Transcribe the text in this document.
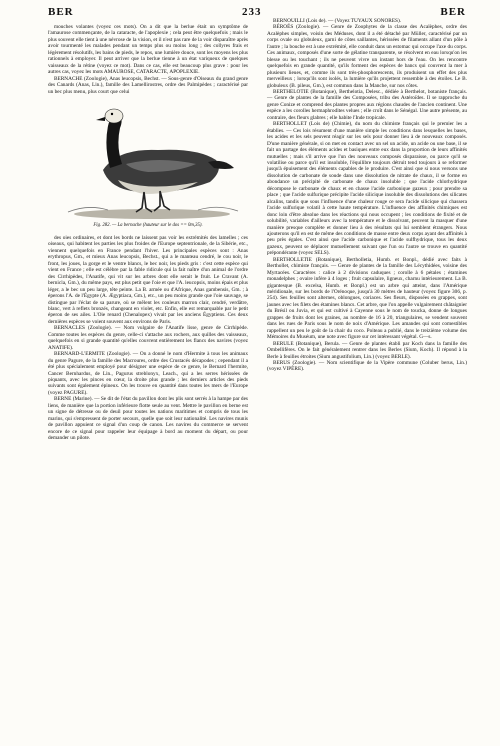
BER	233	BER

mouches volantes (voyez ces mots). On a dit que la berlue était un symptôme de l'amaurose commençante, de la cataracte, de l'apoplexie ; cela peut être quelquefois ; mais le plus souvent elle tient à une névrose de la vision, et il n'est pas rare de la voir disparaître après avoir tourmenté les malades pendant un temps plus ou moins long ; des collyres frais et légèrement résolutifs, les bains de pieds, le repos, une lumière douce, sont les moyens les plus rationnels à employer. Il peut arriver que la berlue tienne à un état variqueux de quelques vaisseaux de la rétine (voyez ce mot). Dans ce cas, elle est beaucoup plus grave : pour les autres cas, voyez les mots AMAUROSE, CATARACTE, APOPLEXIE.

BERNACHE (Zoologie), Anas leucopsis, Bechst. — Sous-genre d'Oiseaux du grand genre des Canards (Anas, Lin.), famille des Lamellirostres, ordre des Palmipèdes ; caractérisé par un bec plus menu, plus court que celui

Fig. 282. — La bernache (hauteur sur le dos == 0m,35).

des oies ordinaires, et dont les bords ne laissent pas voir les extrémités des lamelles ; ces oiseaux, qui habitent les parties les plus froides de l'Europe septentrionale, de la Sibérie, etc., viennent quelquefois en France pendant l'hiver. Les principales espèces sont : Anas erythropus, Gm., et mieux Anas leucopsis, Bechst., qui a le manteau cendré, le cou noir, le front, les joues, la gorge et le ventre blancs, le bec noir, les pieds gris : c'est cette espèce qui vient en France ; elle est célèbre par la fable ridicule qui la fait naître d'un animal de l'ordre des Cirrhipèdes, l'Anatife, qui vit sur les arbres dont elle serait le fruit. Le Cravant (A. bernicla, Gm.), du même pays, est plus petit que l'oie et que l'A. leucopsis, moins épais et plus léger, a le bec un peu large, tête peinte. La B. armée ou d'Afrique, Anas gambensis, Gm. ; à éperons l'A. de l'Égypte (A. Ægyptiaca, Gm.), etc., un peu moins grande que l'oie sauvage, se distingue par l'éclat de sa parure, où se mêlent les couleurs marron clair, cendré, verdâtre, blanc, vert à reflets bronzés, changeant en violet, etc. Enfin, elle est remarquable par le petit éperon de ses ailes. L'Oie renard (Chenalopex) vivait par les anciens Égyptiens. Ces deux dernières espèces se voient souvent aux environs de Paris.

BERNACLES (Zoologie). — Nom vulgaire de l'Anatife lisse, genre de Cirrhipède. Comme toutes les espèces du genre, celle-ci s'attache aux rochers, aux quilles des vaisseaux, quelquefois en si grande quantité qu'elles couvrent entièrement les flancs des navires (voyez ANATIFE).

BERNARD-L'ERMITE (Zoologie). — On a donné le nom d'Hermite à tous les animaux du genre Pagure, de la famille des Macroures, ordre des Crustacés décapodes ; cependant il a été plus spécialement employé pour désigner une espèce de ce genre, le Bernard l'hermite, Cancer Bernhardus, de Lin., Pagurus streblonyx, Leach., qui a les serres hérissées de piquants, avec les pinces en cœur, la droite plus grande ; les derniers articles des pieds suivants sont également épineux. On les trouve en quantité dans toutes les mers de l'Europe (voyez PAGURE).

BERNE (Marine). — Se dit de l'état du pavillon dont les plis sont serrés à la hampe par des liens, de manière que la portion inférieure flotte seule au vent. Mettre le pavillon en berne est un signe de détresse ou de deuil pour toutes les nations maritimes et compris de tous les marins, qui s'empressent de porter secours, quelle que soit leur nationalité. Les navires munis de pavillon appuient ce signal d'un coup de canon. Les navires du commerce se servent encore de ce signal pour rappeler leur équipage à bord au moment du départ, ou pour demander un pilote.

BERNOUILLI (Lois de). — (Voyez TUYAUX SONORES).

BÉROÉS (Zoologie). — Genre de Zoophytes de la classe des Acalèphes, ordre des Acalèphes simples, voisin des Méduses, dont il a été détaché par Müller, caractérisé par un corps ovale ou globuleux, garni de côtes saillantes, hérissées de filaments allant d'un pôle à l'autre ; la bouche est à une extrémité, elle conduit dans un estomac qui occupe l'axe du corps. Ces animaux, composés d'une sorte de gélatine transparente, se résolvent en eau lorsqu'on les blesse ou les touchant ; ils ne peuvent vivre un instant hors de l'eau. On les rencontre quelquefois en grande quantité, qu'ils forment des espèces de bancs qui couvrent la mer à plusieurs lieues, et, comme ils sont très-phosphorescents, ils produisent un effet des plus merveilleux ; lorsqu'ils sont isolés, la lumière qu'ils projettent ressemble à des étoiles. Le B. globuleux (B. pileus, Gm.), est commun dans la Manche, sur nos côtes.

BERTHELOTIE (Botanique), Berthelotia, Delesc., dédiée à Berthelot, botaniste français. — Genre de plantes de la famille des Composées, tribu des Astéroïdes. Il se rapproche du genre Conize et comprend des plantes propres aux régions chaudes de l'ancien continent. Une espèce a les corolles hermaphrodites velues ; elle croît dans le Sénégal. Une autre présente, au contraire, des fleurs glabres ; elle habite l'Inde tropicale.

BERTHOLLET (Lois de) (Chimie), du nom du chimiste français qui le premier les a établies. — Ces lois résument d'une manière simple les conditions dans lesquelles les bases, les acides et les sels peuvent réagir sur les sels pour donner lieu à de nouveaux composés. D'une manière générale, si on met en contact avec un sel un acide, un acide ou une base, il se fait un partage des éléments acides et basiques entre eux dans la proportion de leurs affinités mutuelles ; mais s'il arrive que l'un des nouveaux composés disparaisse, ou parce qu'il se volatilise ou parce qu'il est insoluble, l'équilibre toujours détruit tend toujours à se reformer jusqu'à épuisement des éléments capables de le produire. C'est ainsi que si nous versons une dissolution de carbonate de soude dans une dissolution de nitrate de chaux, il se forme en abondance un précipité de carbonate de chaux insoluble ; que l'acide chlorhydrique décompose le carbonate de chaux et en chasse l'acide carbonique gazeux ; pour prendre sa place ; que l'acide sulfurique précipite l'acide silicique insoluble des dissolutions des silicates alcalins, tandis que sous l'influence d'une chaleur rouge ce sera l'acide silicique qui chassera l'acide sulfurique volatil à cette haute température. L'influence des affinités chimiques est donc loin d'être absolue dans les réactions qui nous occupent ; les conditions de fixité et de solubilité, variables d'ailleurs avec la température et le dissolvant, peuvent la masquer d'une manière presque complète et donner lieu à des résultats qui lui semblent étrangers. Nous ajouterons qu'il en est de même des conditions de masse entre deux corps ayant des affinités à peu près égales. C'est ainsi que l'acide carbonique et l'acide sulfhydrique, tous les deux gazeux, peuvent se déplacer mutuellement suivant que l'un ou l'autre se trouve en quantité prépondérante (voyez SELS).

BERTHOLLETIE (Botanique), Bertholletia, Humb. et Bonpl., dédié avec faits à Berthollet, chimiste français. — Genre de plantes de la famille des Lécythidées, voisine des Myrtacées. Caractères : calice à 2 divisions caduques ; corolle à 6 pétales ; étamines monadelphes ; ovaire infère à 4 loges ; fruit capsulaire, ligneux, charnu intérieurement. La B. gigantesque (B. excelsa, Humb. et Bonpl.) est un arbre qui atteint, dans l'Amérique méridionale, sur les bords de l'Orénoque, jusqu'à 30 mètres de hauteur (voyez figure 306, p. 254). Ses feuilles sont alternes, oblongues, coriaces. Ses fleurs, disposées en grappes, sont jaunes avec les filets des étamines blancs. Cet arbre, que l'on appelle vulgairement châtaignier du Brésil ou Juvia, et qui est cultivé à Cayenne sous le nom de toucka, donne de longues grappes de fruits dont les graines, au nombre de 16 à 20, triangulaires, se vendent souvent dans les rues de Paris sous le nom de noix d'Amérique. Les amandes qui sont comestibles rappellent un peu le goût de la chair du coco. Poiteau a publié, dans le treizième volume des Mémoires du Muséum, une note avec figure sur cet intéressant végétal. G—s.

BERULE (Botanique), Berula. — Genre de plantes établi par Koch dans la famille des Ombellifères. On le fait généralement rentrer dans les Berles (Sium, Koch). Il répond à la Berle à feuilles étroites (Sium angustifolium, Lin.) (voyez BERLE).

BERUS (Zoologie). — Nom scientifique de la Vipère commune (Coluber berus, Lin.) (voyez VIPÈRE).
